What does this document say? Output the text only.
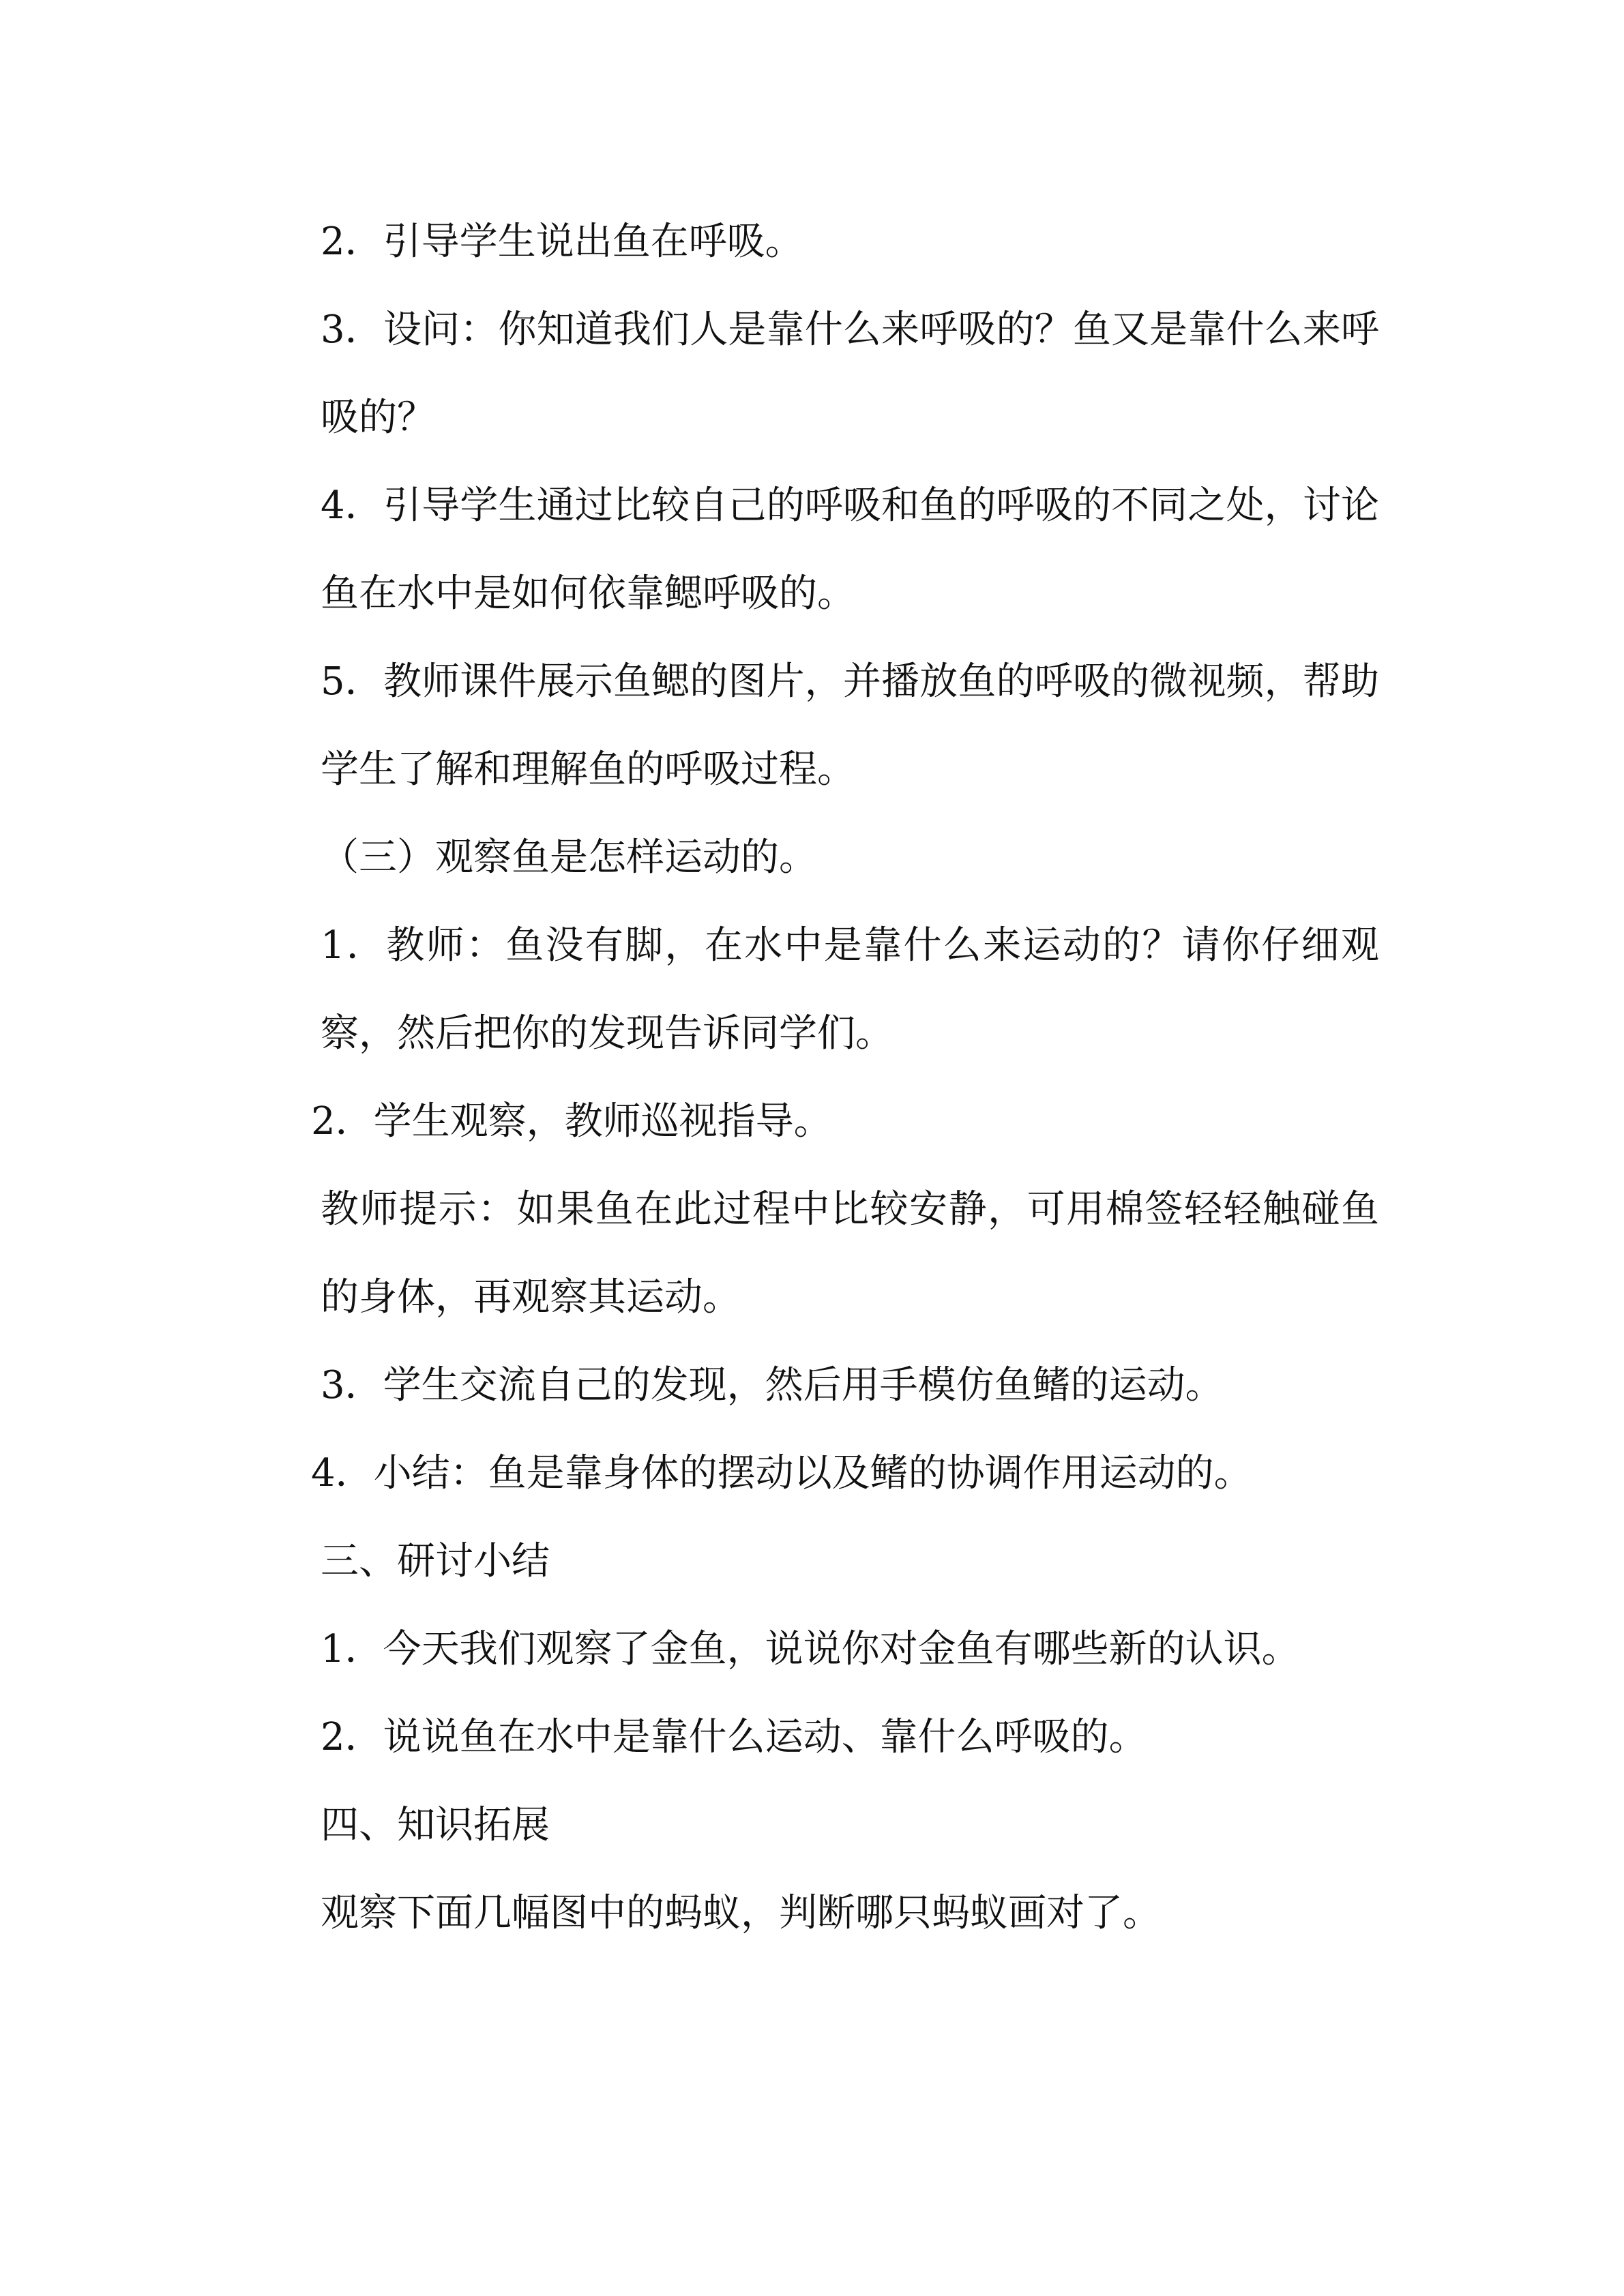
2．引导学生说出鱼在呼吸。

3．设问：你知道我们人是靠什么来呼吸的？鱼又是靠什么来呼吸的？

4．引导学生通过比较自己的呼吸和鱼的呼吸的不同之处，讨论鱼在水中是如何依靠鳃呼吸的。

5．教师课件展示鱼鳃的图片，并播放鱼的呼吸的微视频，帮助学生了解和理解鱼的呼吸过程。

（三）观察鱼是怎样运动的。

1．教师：鱼没有脚，在水中是靠什么来运动的？请你仔细观察，然后把你的发现告诉同学们。

2．学生观察，教师巡视指导。

教师提示：如果鱼在此过程中比较安静，可用棉签轻轻触碰鱼的身体，再观察其运动。

3．学生交流自己的发现，然后用手模仿鱼鳍的运动。

4．小结：鱼是靠身体的摆动以及鳍的协调作用运动的。

三、研讨小结

1．今天我们观察了金鱼，说说你对金鱼有哪些新的认识。

2．说说鱼在水中是靠什么运动、靠什么呼吸的。

四、知识拓展

观察下面几幅图中的蚂蚁，判断哪只蚂蚁画对了。
